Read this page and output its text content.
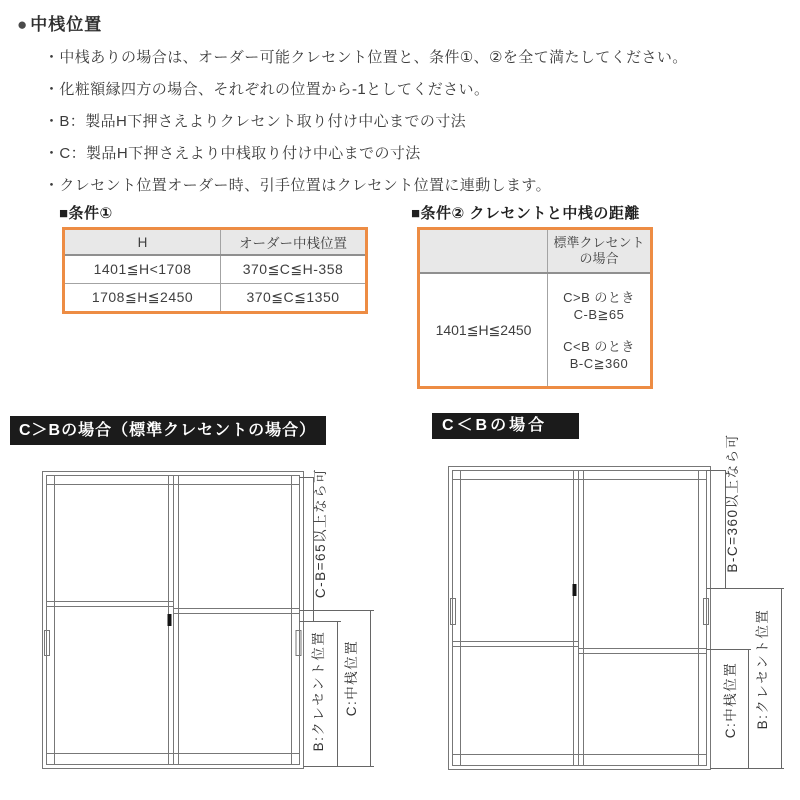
● 中桟位置
・中桟ありの場合は、オーダー可能クレセント位置と、条件①、②を全て満たしてください。
・化粧額縁四方の場合、それぞれの位置から-1としてください。
・B：製品H下押さえよりクレセント取り付け中心までの寸法
・C：製品H下押さえより中桟取り付け中心までの寸法
・クレセント位置オーダー時、引手位置はクレセント位置に連動します。
■条件①
H	オーダー中桟位置
1401≦H<1708	370≦C≦H-358
1708≦H≦2450	370≦C≦1350
■条件② クレセントと中桟の距離

	標準クレセント
の場合

1401≦H≦2450	C>B のとき
C-B≧65
C<B のとき
B-C≧360
C＞Bの場合（標準クレセントの場合）	C＜Bの場合
C-B=65以上なら可
B:クレセント位置 C:中桟位置
B-C=360以上なら可
C:中桟位置 B:クレセント位置
